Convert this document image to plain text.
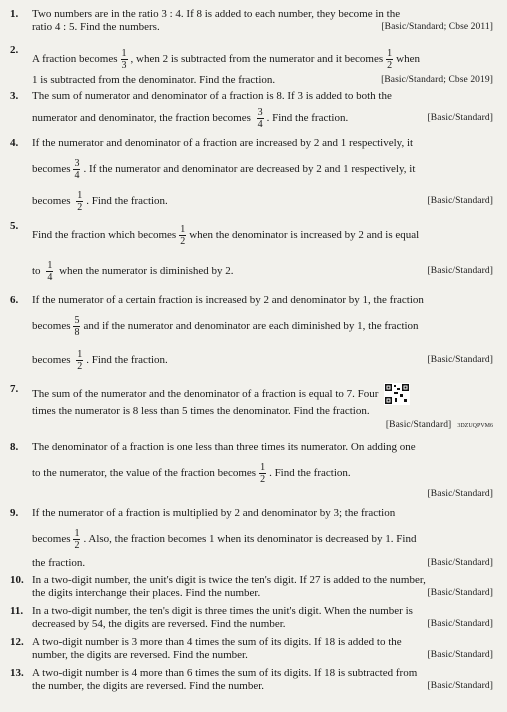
1.	Two numbers are in the ratio 3 : 4. If 8 is added to each number, they become in the
ratio 4 : 5. Find the numbers.	[Basic/Standard; Cbse 2011]
2.
A fraction becomes $\frac{1}{3}$ , when 2 is subtracted from the numerator and it becomes $\frac{1}{2}$ when
1 is subtracted from the denominator. Find the fraction.	[Basic/Standard; Cbse 2019]
3.	The sum of numerator and denominator of a fraction is 8. If 3 is added to both the
numerator and denominator, the fraction becomes $\frac{3}{4}$ . Find the fraction.	[Basic/Standard]
4.	If the numerator and denominator of a fraction are increased by 2 and 1 respectively, it
becomes $\frac{3}{4}$ . If the numerator and denominator are decreased by 2 and 1 respectively, it
becomes $\frac{1}{2}$ . Find the fraction.	[Basic/Standard]
5.
Find the fraction which becomes $\frac{1}{2}$ when the denominator is increased by 2 and is equal
to $\frac{1}{4}$ when the numerator is diminished by 2.	[Basic/Standard]
6.	If the numerator of a certain fraction is increased by 2 and denominator by 1, the fraction
becomes $\frac{5}{8}$ and if the numerator and denominator are each diminished by 1, the fraction
becomes $\frac{1}{2}$ . Find the fraction.	[Basic/Standard]
7.	The sum of the numerator and the denominator of a fraction is equal to 7. Four
times the numerator is 8 less than 5 times the denominator. Find the fraction.
[Basic/Standard] 3DZUQPVM6
8.	The denominator of a fraction is one less than three times its numerator. On adding one
to the numerator, the value of the fraction becomes $\frac{1}{2}$ . Find the fraction.
[Basic/Standard]
9.	If the numerator of a fraction is multiplied by 2 and denominator by 3; the fraction
becomes $\frac{1}{2}$ . Also, the fraction becomes 1 when its denominator is decreased by 1. Find
the fraction.	[Basic/Standard]
10. In a two-digit number, the unit's digit is twice the ten's digit. If 27 is added to the number,
the digits interchange their places. Find the number.	[Basic/Standard]
11. In a two-digit number, the ten's digit is three times the unit's digit. When the number is
decreased by 54, the digits are reversed. Find the number.	[Basic/Standard]
12. A two-digit number is 3 more than 4 times the sum of its digits. If 18 is added to the
number, the digits are reversed. Find the number.	[Basic/Standard]
13. A two-digit number is 4 more than 6 times the sum of its digits. If 18 is subtracted from
the number, the digits are reversed. Find the number.	[Basic/Standard]
